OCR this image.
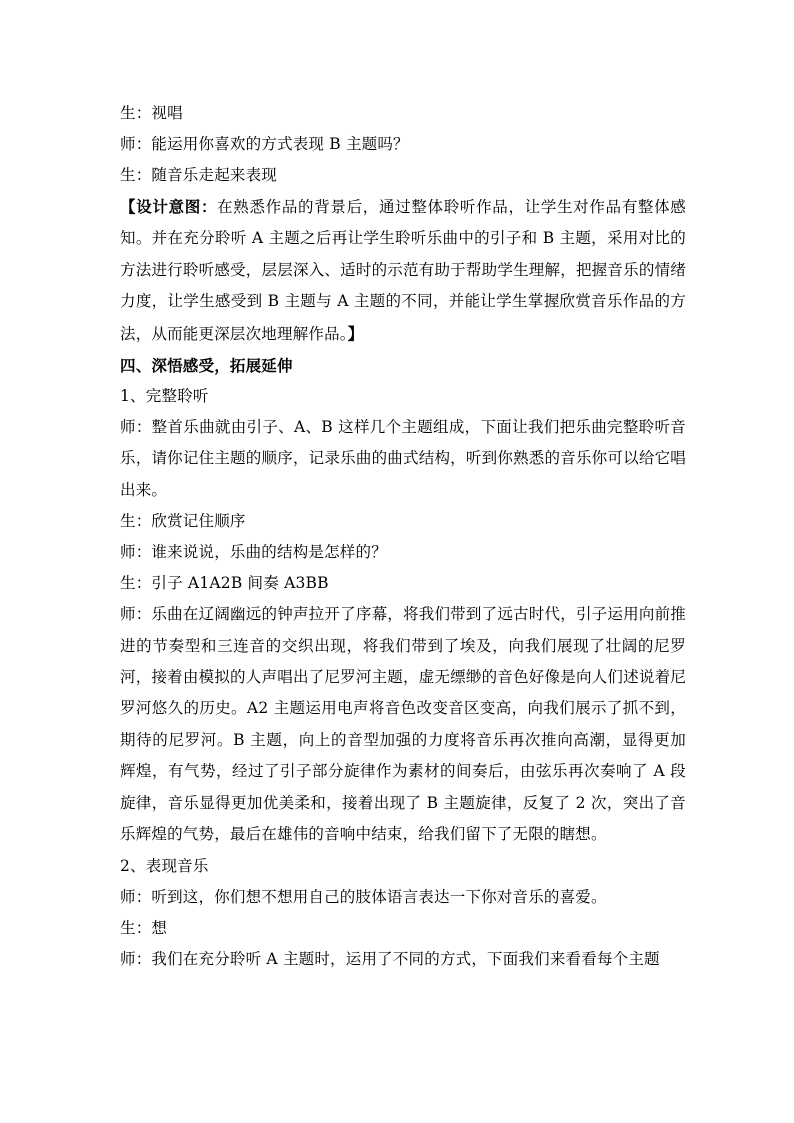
生：视唱
师：能运用你喜欢的方式表现 B 主题吗？
生：随音乐走起来表现
【设计意图：在熟悉作品的背景后，通过整体聆听作品，让学生对作品有整体感知。并在充分聆听 A 主题之后再让学生聆听乐曲中的引子和 B 主题，采用对比的方法进行聆听感受，层层深入、适时的示范有助于帮助学生理解，把握音乐的情绪力度，让学生感受到 B 主题与 A 主题的不同，并能让学生掌握欣赏音乐作品的方法，从而能更深层次地理解作品。】
四、深悟感受，拓展延伸
1、完整聆听
师：整首乐曲就由引子、A、B 这样几个主题组成，下面让我们把乐曲完整聆听音乐，请你记住主题的顺序，记录乐曲的曲式结构，听到你熟悉的音乐你可以给它唱出来。
生：欣赏记住顺序
师：谁来说说，乐曲的结构是怎样的？
生：引子 A1A2B 间奏 A3BB
师：乐曲在辽阔幽远的钟声拉开了序幕，将我们带到了远古时代，引子运用向前推进的节奏型和三连音的交织出现，将我们带到了埃及，向我们展现了壮阔的尼罗河，接着由模拟的人声唱出了尼罗河主题，虚无缥缈的音色好像是向人们述说着尼罗河悠久的历史。A2 主题运用电声将音色改变音区变高，向我们展示了抓不到，期待的尼罗河。B 主题，向上的音型加强的力度将音乐再次推向高潮，显得更加辉煌，有气势，经过了引子部分旋律作为素材的间奏后，由弦乐再次奏响了 A 段旋律，音乐显得更加优美柔和，接着出现了 B 主题旋律，反复了 2 次，突出了音乐辉煌的气势，最后在雄伟的音响中结束，给我们留下了无限的瞎想。
2、表现音乐
师：听到这，你们想不想用自己的肢体语言表达一下你对音乐的喜爱。
生：想
师：我们在充分聆听 A 主题时，运用了不同的方式，下面我们来看看每个主题
